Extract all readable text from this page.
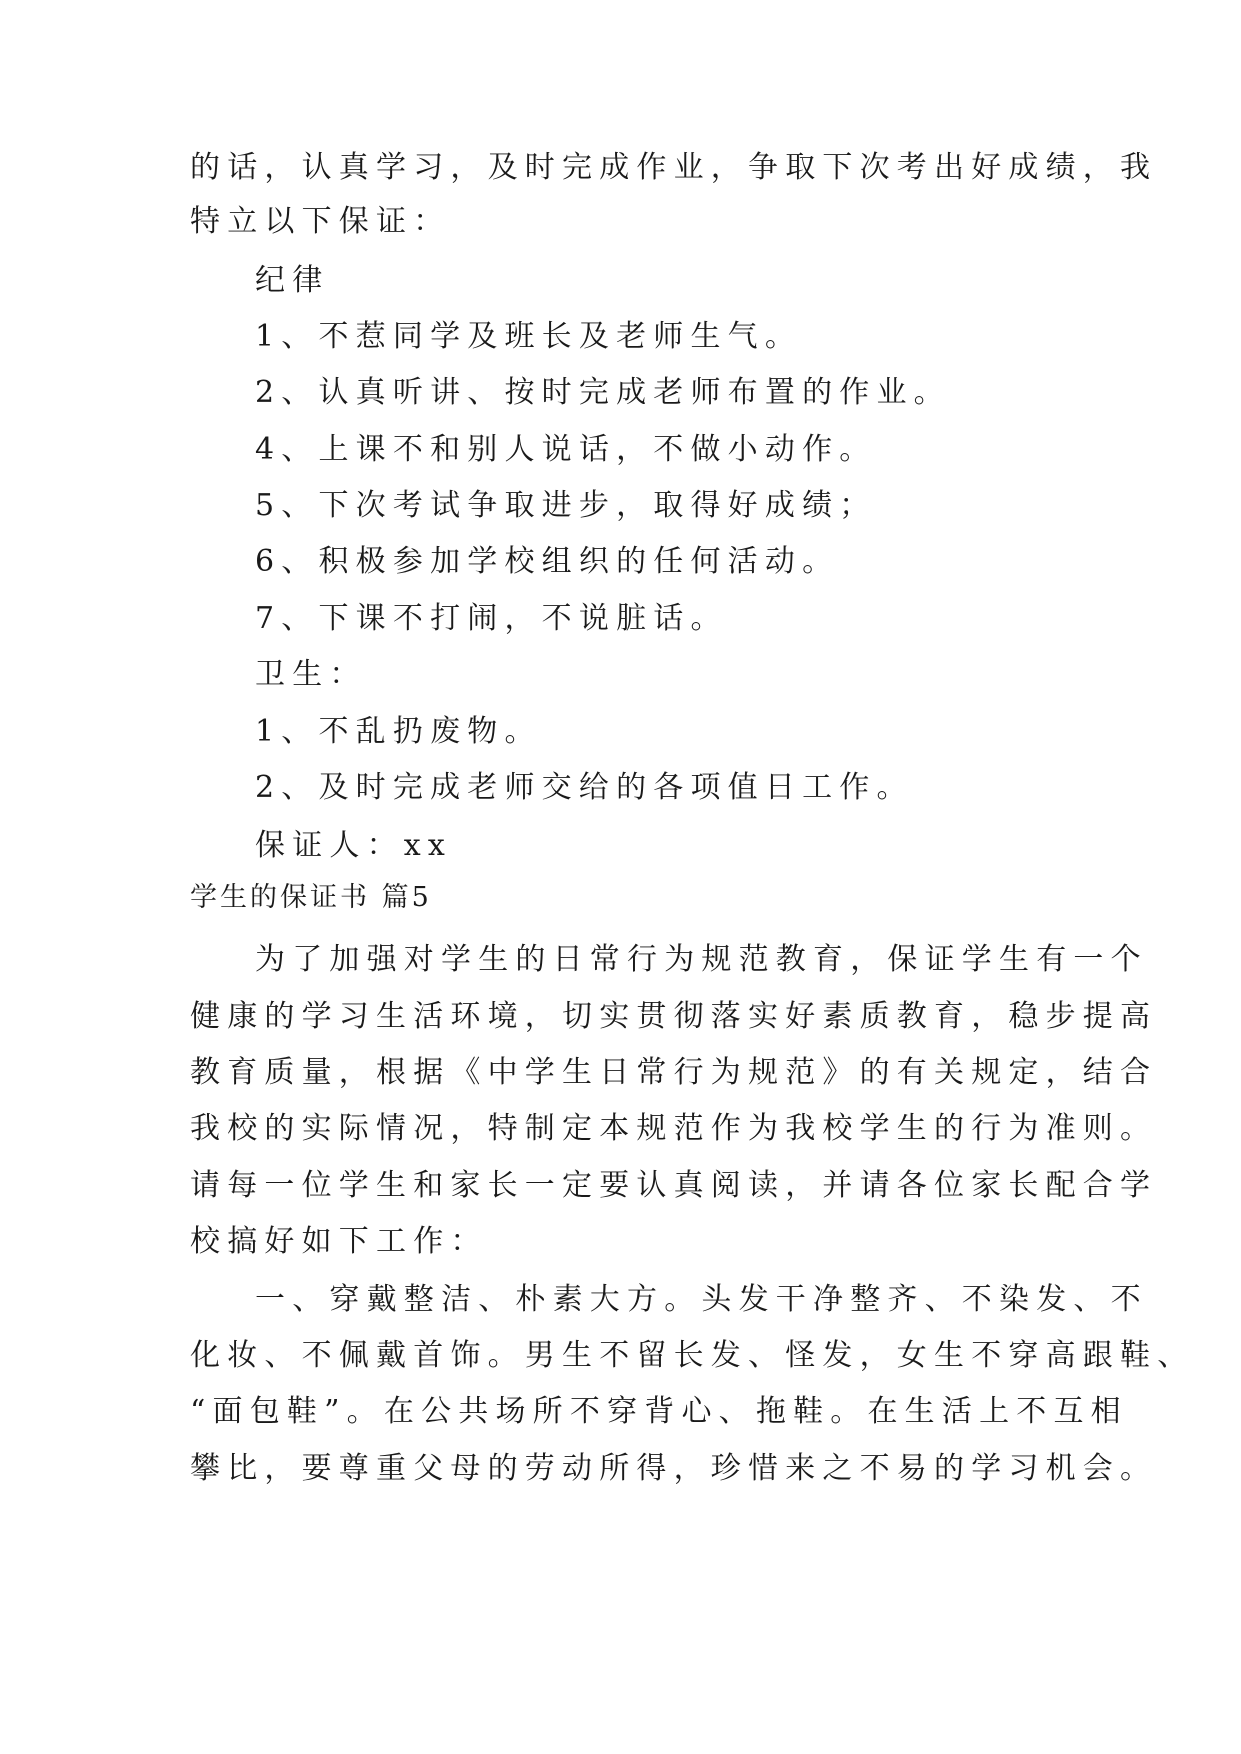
的话，认真学习，及时完成作业，争取下次考出好成绩，我
特立以下保证：
纪律
1、不惹同学及班长及老师生气。
2、认真听讲、按时完成老师布置的作业。
4、上课不和别人说话，不做小动作。
5、下次考试争取进步，取得好成绩；
6、积极参加学校组织的任何活动。
7、下课不打闹，不说脏话。
卫生：
1、不乱扔废物。
2、及时完成老师交给的各项值日工作。
保证人：xx
学生的保证书 篇5
为了加强对学生的日常行为规范教育，保证学生有一个
健康的学习生活环境，切实贯彻落实好素质教育，稳步提高
教育质量，根据《中学生日常行为规范》的有关规定，结合
我校的实际情况，特制定本规范作为我校学生的行为准则。
请每一位学生和家长一定要认真阅读，并请各位家长配合学
校搞好如下工作：
一、穿戴整洁、朴素大方。头发干净整齐、不染发、不
化妆、不佩戴首饰。男生不留长发、怪发，女生不穿高跟鞋、
“面包鞋”。在公共场所不穿背心、拖鞋。在生活上不互相
攀比，要尊重父母的劳动所得，珍惜来之不易的学习机会。
